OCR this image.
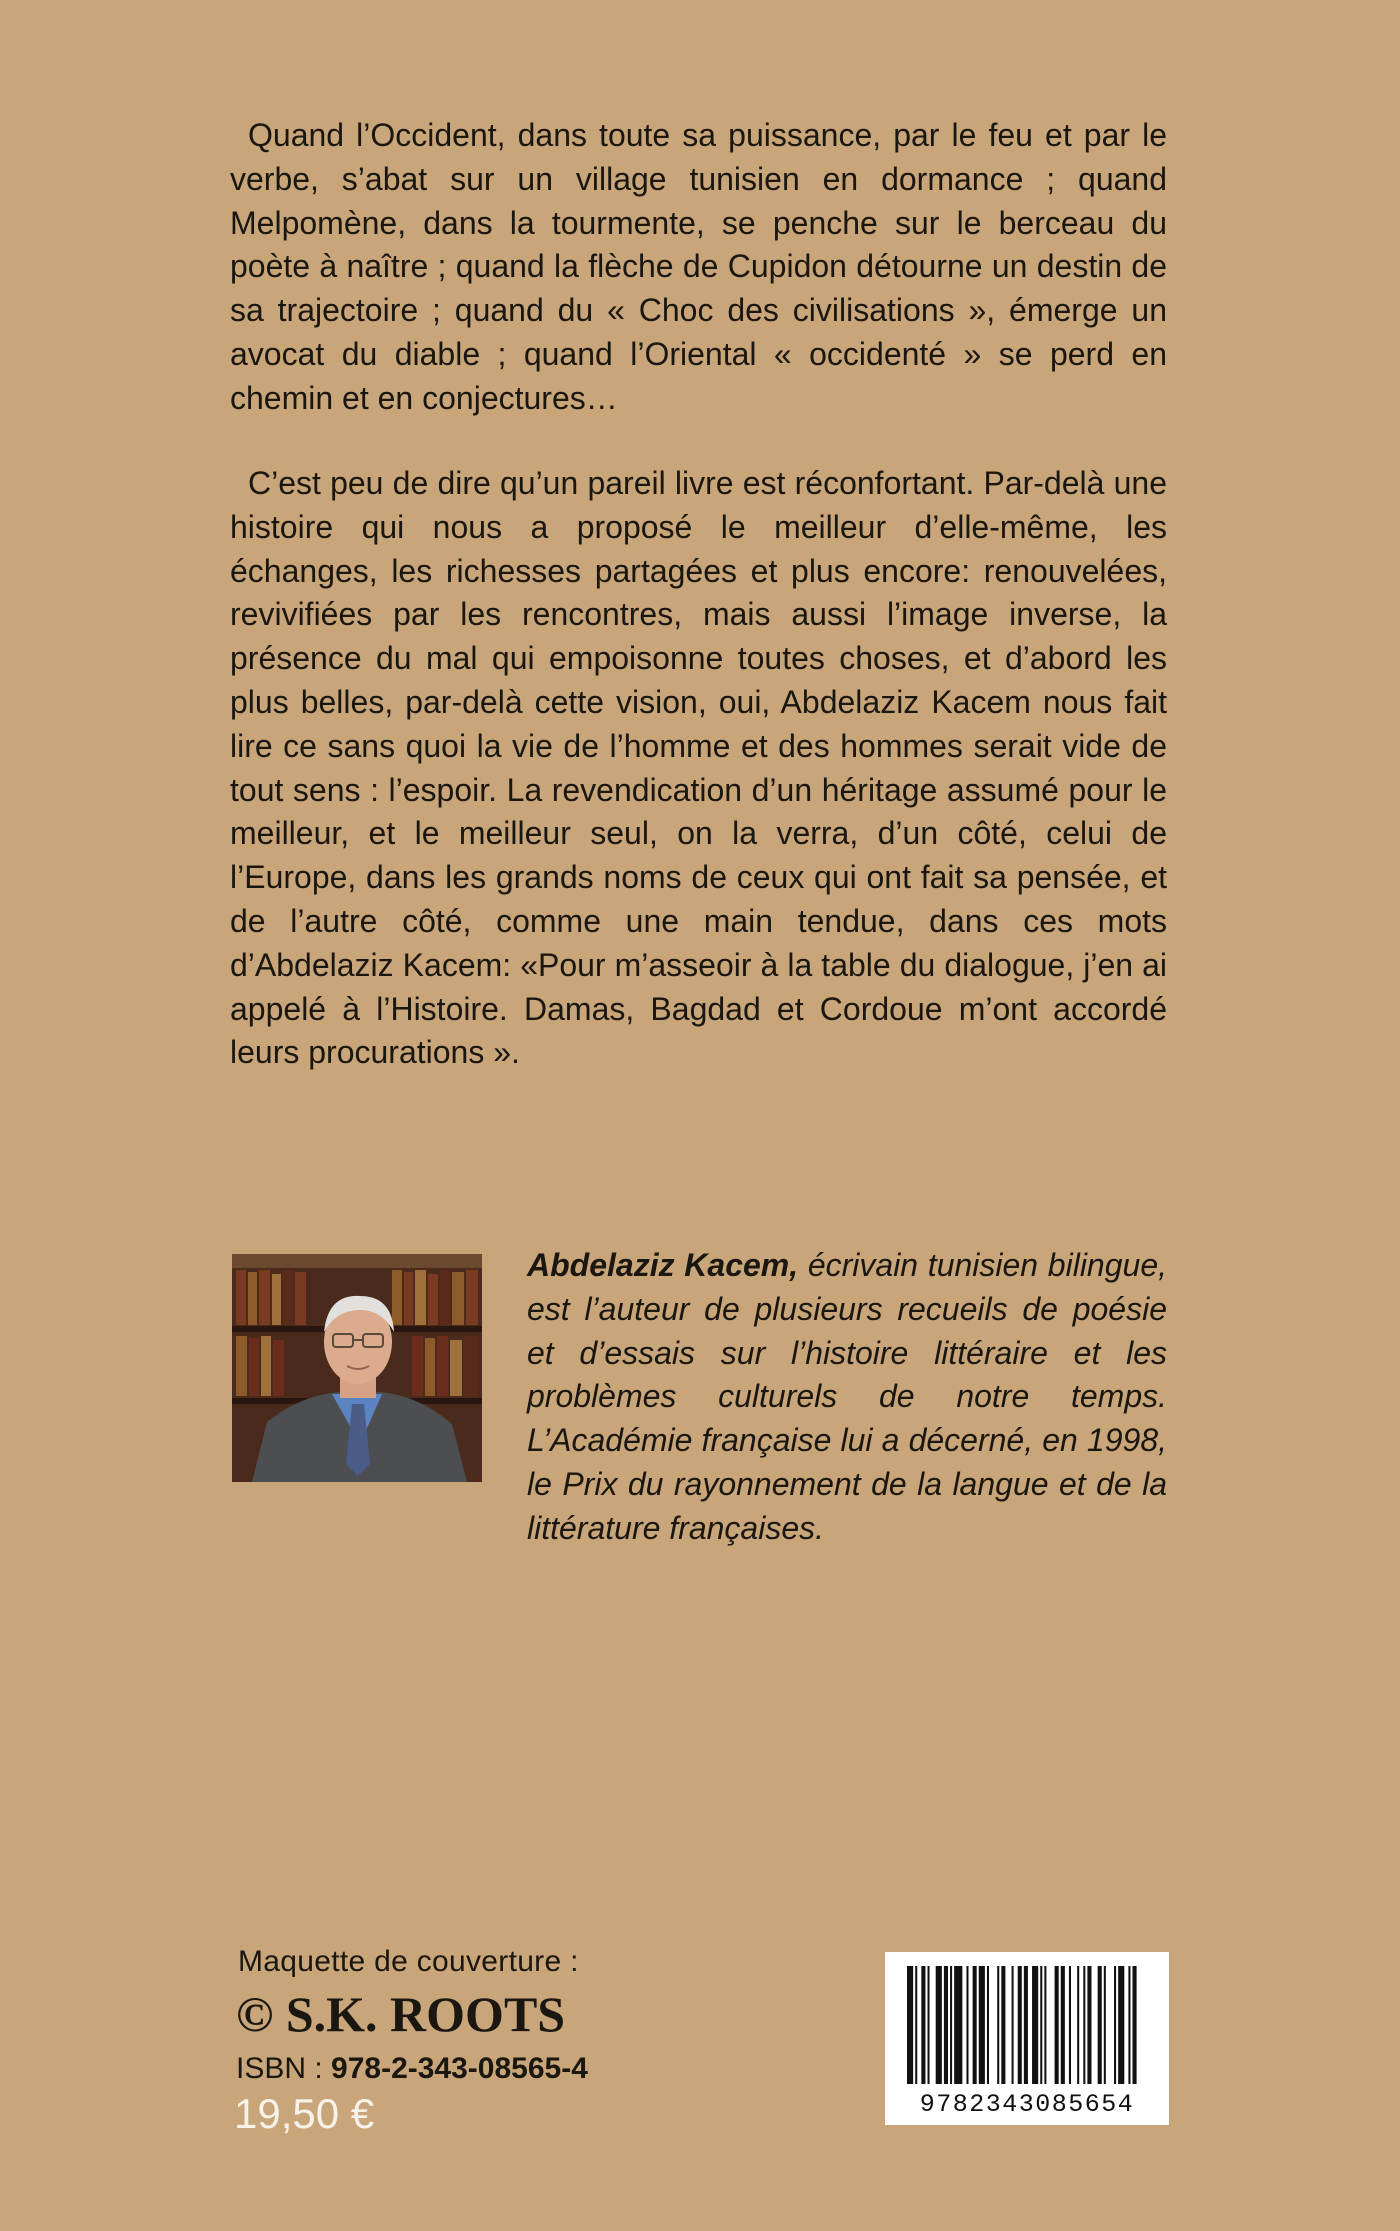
Quand l’Occident, dans toute sa puissance, par le feu et par le verbe, s’abat sur un village tunisien en dormance ; quand Melpomène, dans la tourmente, se penche sur le berceau du poète à naître ; quand la flèche de Cupidon détourne un destin de sa trajectoire ; quand du « Choc des civilisations », émerge un avocat du diable ; quand l’Oriental « occidenté » se perd en chemin et en conjectures…

C’est peu de dire qu’un pareil livre est réconfortant. Par-delà une histoire qui nous a proposé le meilleur d’elle-même, les échanges, les richesses partagées et plus encore: renouvelées, revivifiées par les rencontres, mais aussi l’image inverse, la présence du mal qui empoisonne toutes choses, et d’abord les plus belles, par-delà cette vision, oui, Abdelaziz Kacem nous fait lire ce sans quoi la vie de l’homme et des hommes serait vide de tout sens : l’espoir. La revendication d’un héritage assumé pour le meilleur, et le meilleur seul, on la verra, d’un côté, celui de l’Europe, dans les grands noms de ceux qui ont fait sa pensée, et de l’autre côté, comme une main tendue, dans ces mots d’Abdelaziz Kacem: «Pour m’asseoir à la table du dialogue, j’en ai appelé à l’Histoire. Damas, Bagdad et Cordoue m’ont accordé leurs procurations ».

Abdelaziz Kacem, écrivain tunisien bilingue, est l’auteur de plusieurs recueils de poésie et d’essais sur l’histoire littéraire et les problèmes culturels de notre temps. L’Académie française lui a décerné, en 1998, le Prix du rayonnement de la langue et de la littérature françaises.

Maquette de couverture :
© S.K. ROOTS
ISBN : 978-2-343-08565-4
19,50 €	9782343085654
